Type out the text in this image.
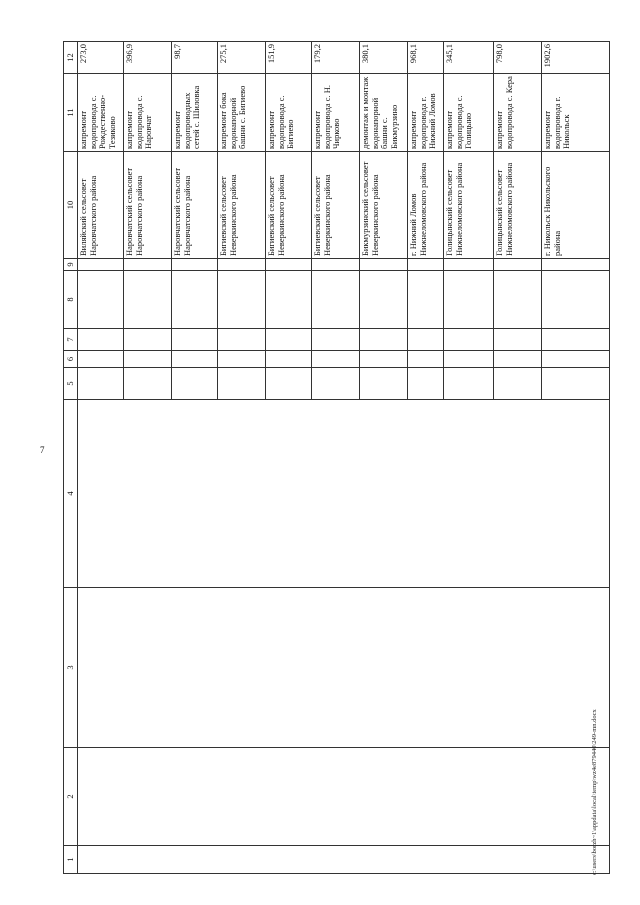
7
1	2	3	4	5	6	7	8	9	10	11	12
									Виляйский сельсовет Наровчатского района	капремонт водопровода с. Рождественно-Тезиково	273,0
									Наровчатский сельсовет Наровчатского района	капремонт водопровода с. Наровчат	396,9
									Наровчатский сельсовет Наровчатского района	капремонт водопроводных сетей с. Шиловка	98,7
									Бигиевский сельсовет Неверкинского района	капремонт бока водонапорной башни с. Бигиево	275,1
									Бигиевский сельсовет Неверкинского района	капремонт водопровода с. Бигиево	151,9
									Бигиевский сельсовет Неверкинского района	капремонт водопровода с. Н. Чирково	179,2
									Бикмурзинский сельсовет Неверкинского района	демонтаж и монтаж водонапорной башни с. Бикмурзино	380,1
									г. Нижний Ломов Нижнеломовского района	капремонт водопровода г. Нижний Ломов	968,1
									Голицынский сельсовет Нижнеломовского района	капремонт водопровода с. Голицыно	345,1
									Голицынский сельсовет Нижнеломовского района	капремонт водопровода с. Кера	798,0
									г. Никольск Никольского района	капремонт водопровода г. Никольск	1902,6
c:\users\borzh~1\appdata\local\temp\wz4e879440\249-mn.docx
